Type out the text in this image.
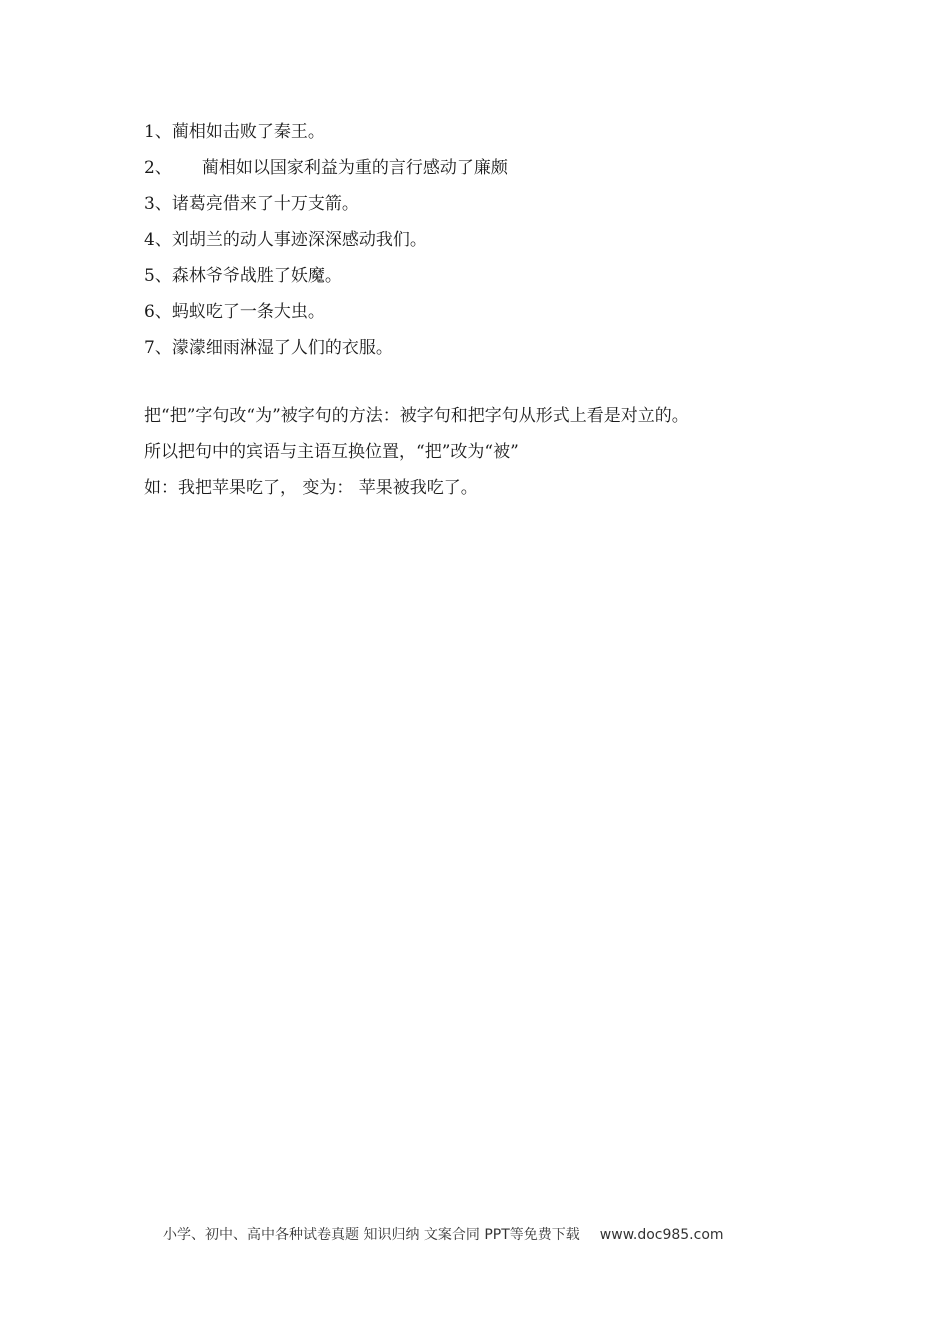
1、蔺相如击败了秦王。
2、 蔺相如以国家利益为重的言行感动了廉颇
3、诸葛亮借来了十万支箭。
4、刘胡兰的动人事迹深深感动我们。
5、森林爷爷战胜了妖魔。
6、蚂蚁吃了一条大虫。
7、濛濛细雨淋湿了人们的衣服。
把“把”字句改“为”被字句的方法：被字句和把字句从形式上看是对立的。
所以把句中的宾语与主语互换位置，“把”改为“被”
如：我把苹果吃了， 变为： 苹果被我吃了。
小学、初中、高中各种试卷真题 知识归纳 文案合同 PPT等免费下载 www.doc985.com
